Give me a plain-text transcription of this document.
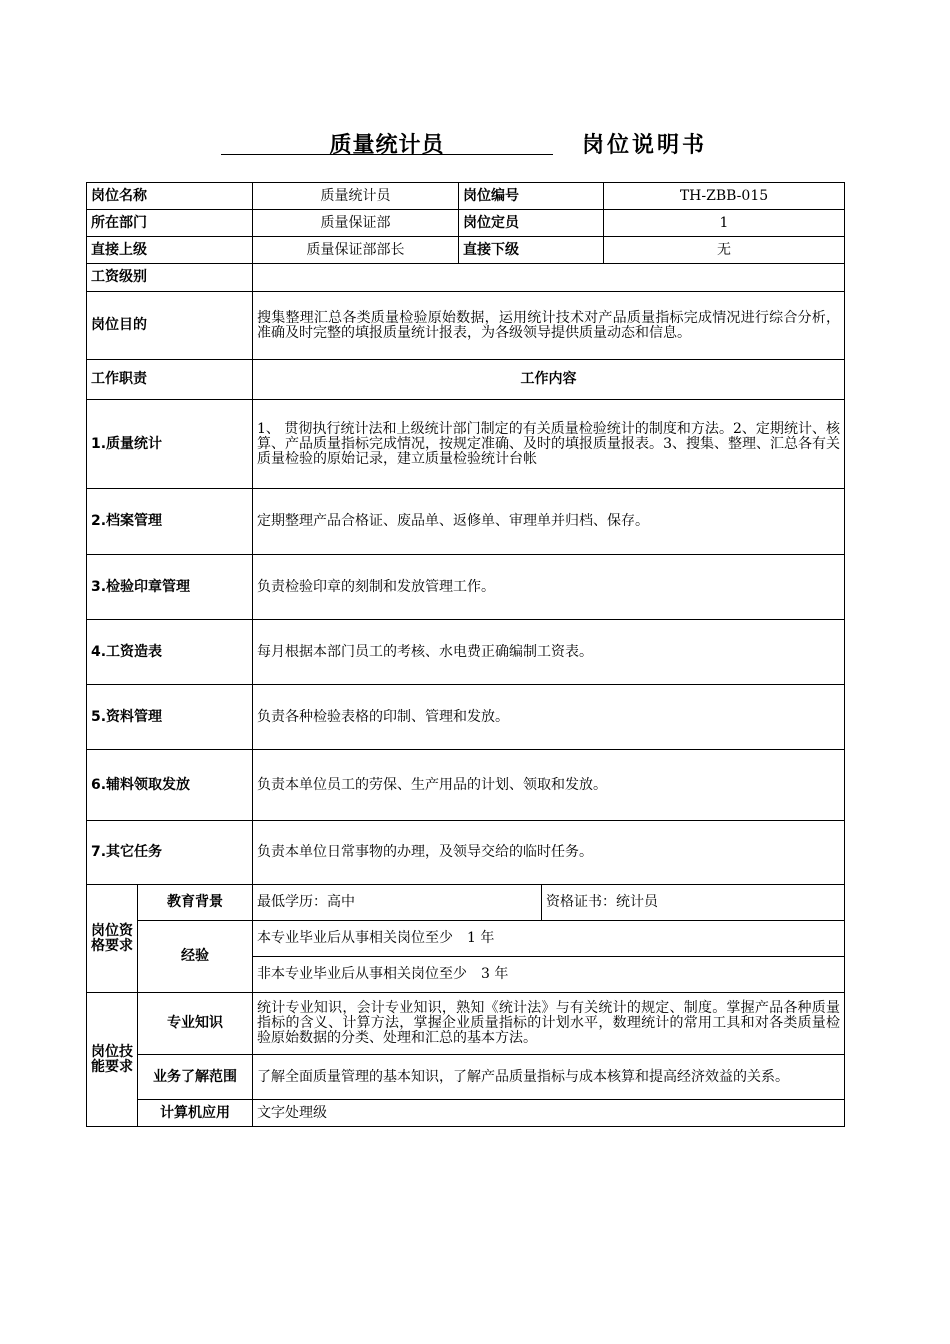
质量统计员	岗位说明书
岗位名称		质量统计员	岗位编号		TH-ZBB-015
所在部门		质量保证部	岗位定员		1
直接上级		质量保证部部长	直接下级		无
工资级别					
岗位目的		搜集整理汇总各类质量检验原始数据，运用统计技术对产品质量指标完成情况进行综合分析，准确及时完整的填报质量统计报表，为各级领导提供质量动态和信息。			
工作职责		工作内容			
1.质量统计		1、 贯彻执行统计法和上级统计部门制定的有关质量检验统计的制度和方法。2、定期统计、核算、产品质量指标完成情况，按规定准确、及时的填报质量报表。3、搜集、整理、汇总各有关质量检验的原始记录，建立质量检验统计台帐			
2.档案管理		定期整理产品合格证、废品单、返修单、审理单并归档、保存。			
3.检验印章管理		负责检验印章的刻制和发放管理工作。			
4.工资造表		每月根据本部门员工的考核、水电费正确编制工资表。			
5.资料管理		负责各种检验表格的印制、管理和发放。			
6.辅料领取发放		负责本单位员工的劳保、生产用品的计划、领取和发放。			
7.其它任务		负责本单位日常事物的办理，及领导交给的临时任务。			
岗位资格要求	教育背景	最低学历：高中		资格证书：统计员	
	经验	本专业毕业后从事相关岗位至少　1 年			
		非本专业毕业后从事相关岗位至少　3 年			
岗位技能要求	专业知识	统计专业知识，会计专业知识，熟知《统计法》与有关统计的规定、制度。掌握产品各种质量指标的含义、计算方法，掌握企业质量指标的计划水平，数理统计的常用工具和对各类质量检验原始数据的分类、处理和汇总的基本方法。			
	业务了解范围	了解全面质量管理的基本知识，了解产品质量指标与成本核算和提高经济效益的关系。			
	计算机应用	文字处理级			
